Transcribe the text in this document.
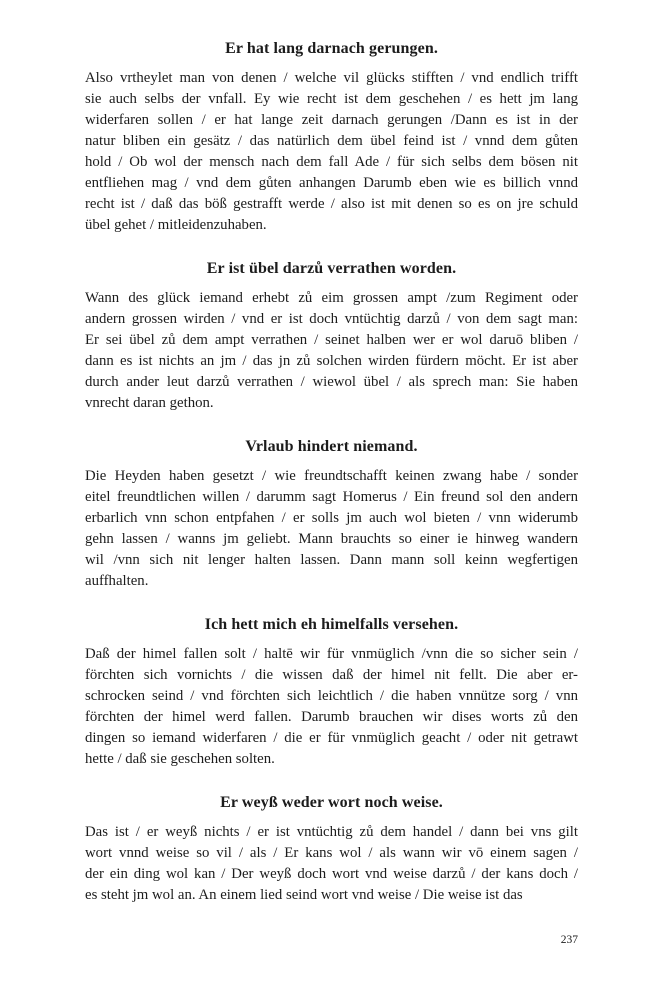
Er hat lang darnach gerungen.
Also vrtheylet man von denen / welche vil glücks stifften / vnd endlich trifft
sie auch selbs der vnfall. Ey wie recht ist dem geschehen / es hett jm lang
widerfaren sollen / er hat lange zeit darnach gerungen /Dann es ist in der
natur bliben ein gesätz / das natürlich dem übel feind ist / vnnd dem gůten
hold / Ob wol der mensch nach dem fall Ade / für sich selbs dem bösen nit
entfliehen mag / vnd dem gůten anhangen Darumb eben wie es billich vnnd
recht ist / daß das böß gestrafft werde / also ist mit denen so es on jre schuld
übel gehet / mitleidenzuhaben.
Er ist übel darzů verrathen worden.
Wann des glück iemand erhebt zů eim grossen ampt /zum Regiment oder
andern grossen wirden / vnd er ist doch vntüchtig darzů / von dem sagt man:
Er sei übel zů dem ampt verrathen / seinet halben wer er wol daruō bliben /
dann es ist nichts an jm / das jn zů solchen wirden fürdern möcht. Er ist aber
durch ander leut darzů verrathen / wiewol übel / als sprech man: Sie haben
vnrecht daran gethon.
Vrlaub hindert niemand.
Die Heyden haben gesetzt / wie freundtschafft keinen zwang habe / sonder
eitel freundtlichen willen / darumm sagt Homerus / Ein freund sol den andern
erbarlich vnn schon entpfahen / er solls jm auch wol bieten / vnn widerumb
gehn lassen / wanns jm geliebt. Mann brauchts so einer ie hinweg wandern
wil /vnn sich nit lenger halten lassen. Dann mann soll keinn wegfertigen
auffhalten.
Ich hett mich eh himelfalls versehen.
Daß der himel fallen solt / haltē wir für vnmüglich /vnn die so sicher sein /
förchten sich vornichts / die wissen daß der himel nit fellt. Die aber er-
schrocken seind / vnd förchten sich leichtlich / die haben vnnütze sorg / vnn
förchten der himel werd fallen. Darumb brauchen wir dises worts zů den
dingen so iemand widerfaren / die er für vnmüglich geacht / oder nit getrawt
hette / daß sie geschehen solten.
Er weyß weder wort noch weise.
Das ist / er weyß nichts / er ist vntüchtig zů dem handel / dann bei vns gilt
wort vnnd weise so vil / als / Er kans wol / als wann wir vō einem sagen /
der ein ding wol kan / Der weyß doch wort vnd weise darzů / der kans doch /
es steht jm wol an. An einem lied seind wort vnd weise / Die weise ist das
237
